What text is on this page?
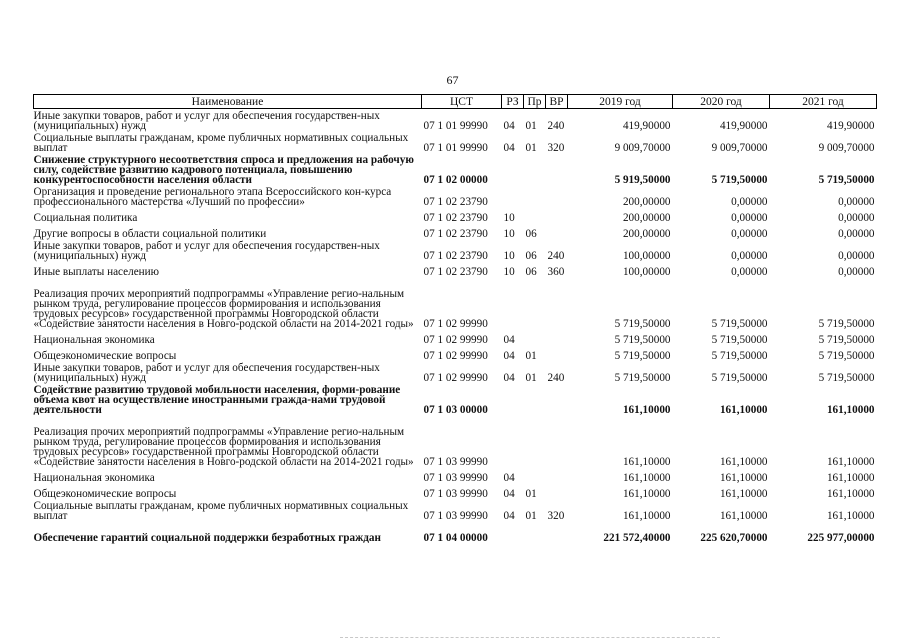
67
Наименование	ЦСТ	РЗ	Пр	ВР	2019 год	2020 год	2021 год
Иные закупки товаров, работ и услуг для обеспечения государствен-ных (муниципальных) нужд	07 1 01 99990	04	01	240	419,90000	419,90000	419,90000
Социальные выплаты гражданам, кроме публичных нормативных социальных выплат	07 1 01 99990	04	01	320	9 009,70000	9 009,70000	9 009,70000
Снижение структурного несоответствия спроса и предложения на рабочую силу, содействие развитию кадрового потенциала, повышению конкурентоспособности населения области	07 1 02 00000				5 919,50000	5 719,50000	5 719,50000
Организация и проведение регионального этапа Всероссийского кон-курса профессионального мастерства «Лучший по профессии»	07 1 02 23790				200,00000	0,00000	0,00000
Социальная политика	07 1 02 23790	10			200,00000	0,00000	0,00000
Другие вопросы в области социальной политики	07 1 02 23790	10	06		200,00000	0,00000	0,00000
Иные закупки товаров, работ и услуг для обеспечения государствен-ных (муниципальных) нужд	07 1 02 23790	10	06	240	100,00000	0,00000	0,00000
Иные выплаты населению	07 1 02 23790	10	06	360	100,00000	0,00000	0,00000
Реализация прочих мероприятий подпрограммы «Управление регио-нальным рынком труда, регулирование процессов формирования и использования трудовых ресурсов» государственной программы Новгородской области «Содействие занятости населения в Новго-родской области на 2014-2021 годы»	07 1 02 99990				5 719,50000	5 719,50000	5 719,50000
Национальная экономика	07 1 02 99990	04			5 719,50000	5 719,50000	5 719,50000
Общеэкономические вопросы	07 1 02 99990	04	01		5 719,50000	5 719,50000	5 719,50000
Иные закупки товаров, работ и услуг для обеспечения государствен-ных (муниципальных) нужд	07 1 02 99990	04	01	240	5 719,50000	5 719,50000	5 719,50000
Содействие развитию трудовой мобильности населения, форми-рование объема квот на осуществление иностранными гражда-нами трудовой деятельности	07 1 03 00000				161,10000	161,10000	161,10000
Реализация прочих мероприятий подпрограммы «Управление регио-нальным рынком труда, регулирование процессов формирования и использования трудовых ресурсов» государственной программы Новгородской области «Содействие занятости населения в Новго-родской области на 2014-2021 годы»	07 1 03 99990				161,10000	161,10000	161,10000
Национальная экономика	07 1 03 99990	04			161,10000	161,10000	161,10000
Общеэкономические вопросы	07 1 03 99990	04	01		161,10000	161,10000	161,10000
Социальные выплаты гражданам, кроме публичных нормативных социальных выплат	07 1 03 99990	04	01	320	161,10000	161,10000	161,10000
Обеспечение гарантий социальной поддержки безработных граждан	07 1 04 00000				221 572,40000	225 620,70000	225 977,00000
